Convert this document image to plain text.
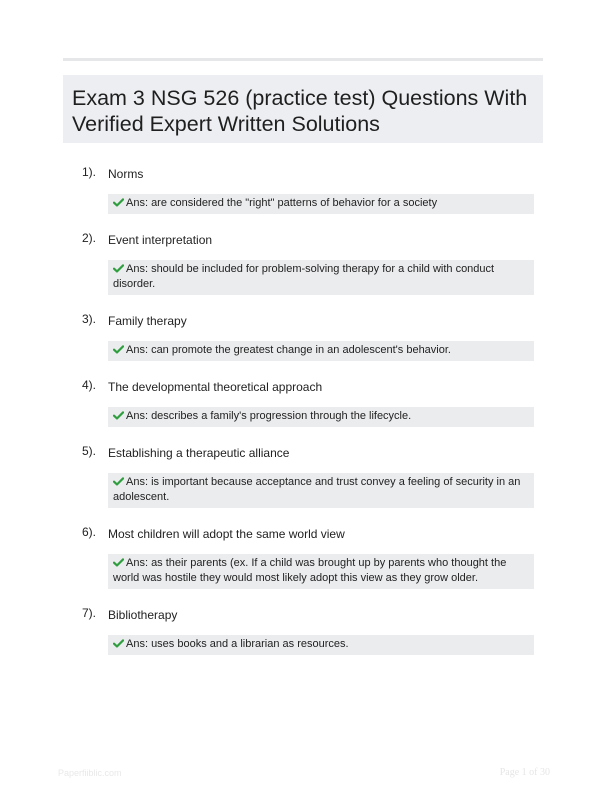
Exam 3 NSG 526 (practice test) Questions With Verified Expert Written Solutions
1). Norms
Ans: are considered the "right" patterns of behavior for a society
2). Event interpretation
Ans: should be included for problem-solving therapy for a child with conduct disorder.
3). Family therapy
Ans: can promote the greatest change in an adolescent's behavior.
4). The developmental theoretical approach
Ans: describes a family's progression through the lifecycle.
5). Establishing a therapeutic alliance
Ans: is important because acceptance and trust convey a feeling of security in an adolescent.
6). Most children will adopt the same world view
Ans: as their parents (ex. If a child was brought up by parents who thought the world was hostile they would most likely adopt this view as they grow older.
7). Bibliotherapy
Ans: uses books and a librarian as resources.
Paperfiiblic.com	Page 1 of 30
